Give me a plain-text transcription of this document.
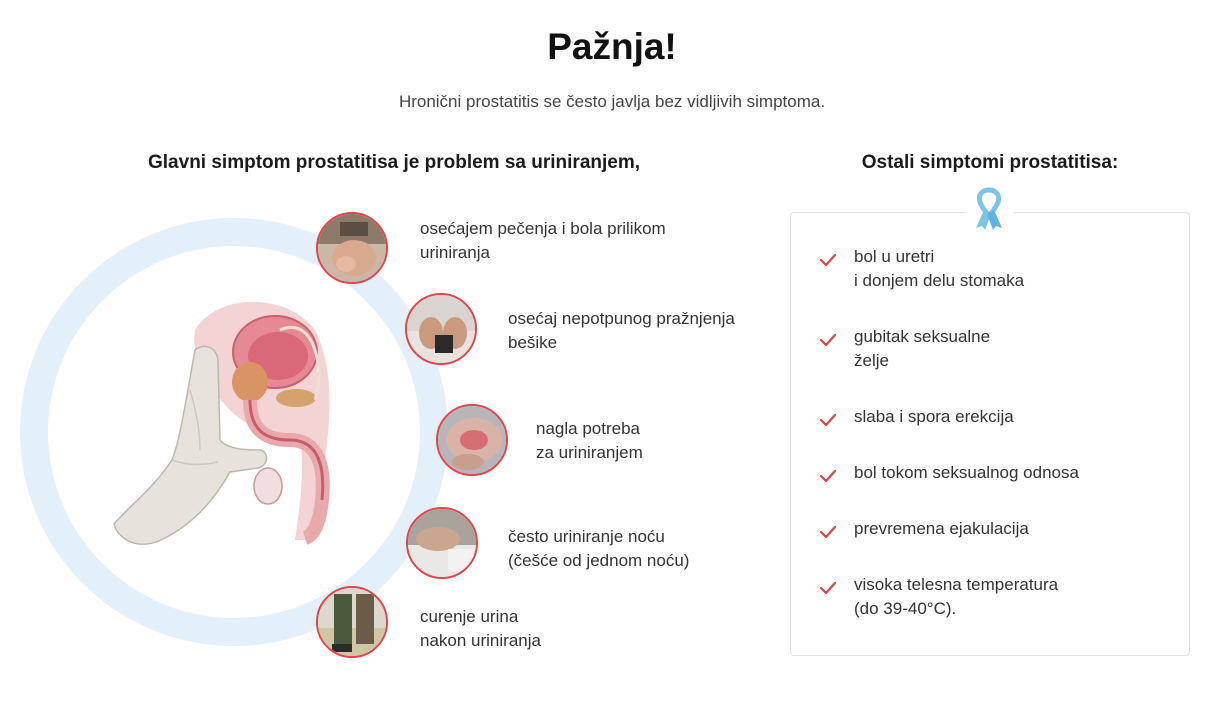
Pažnja!
Hronični prostatitis se često javlja bez vidljivih simptoma.
Glavni simptom prostatitisa je problem sa uriniranjem,	Ostali simptomi prostatitisa:
osećajem pečenja i bola prilikom
uriniranja
osećaj nepotpunog pražnjenja
bešike
nagla potreba
za uriniranjem
često uriniranje noću
(češće od jednom noću)
curenje urina
nakon uriniranja
bol u uretri
i donjem delu stomaka
gubitak seksualne
želje
slaba i spora erekcija
bol tokom seksualnog odnosa
prevremena ejakulacija
visoka telesna temperatura
(do 39-40°C).
